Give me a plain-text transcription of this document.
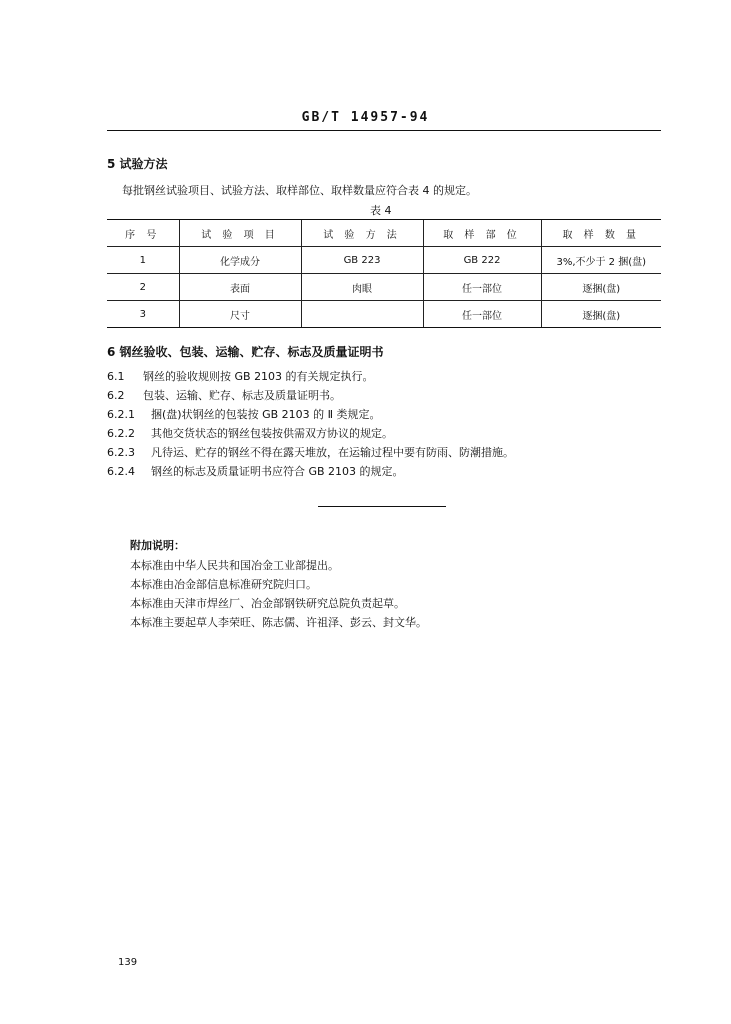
GB/T 14957-94
5 试验方法
每批钢丝试验项目、试验方法、取样部位、取样数量应符合表 4 的规定。
表 4
序 号	试 验 项 目	试 验 方 法	取 样 部 位	取 样 数 量
1	化学成分	GB 223	GB 222	3%,不少于 2 捆(盘)
2	表面	肉眼	任一部位	逐捆(盘)
3	尺寸		任一部位	逐捆(盘)
6 钢丝验收、包装、运输、贮存、标志及质量证明书
6.1 钢丝的验收规则按 GB 2103 的有关规定执行。
6.2 包装、运输、贮存、标志及质量证明书。
6.2.1 捆(盘)状钢丝的包装按 GB 2103 的 Ⅱ 类规定。
6.2.2 其他交货状态的钢丝包装按供需双方协议的规定。
6.2.3 凡待运、贮存的钢丝不得在露天堆放，在运输过程中要有防雨、防潮措施。
6.2.4 钢丝的标志及质量证明书应符合 GB 2103 的规定。
附加说明：
本标准由中华人民共和国冶金工业部提出。
本标准由冶金部信息标准研究院归口。
本标准由天津市焊丝厂、冶金部钢铁研究总院负责起草。
本标准主要起草人李荣旺、陈志儒、许祖泽、彭云、封文华。
139
